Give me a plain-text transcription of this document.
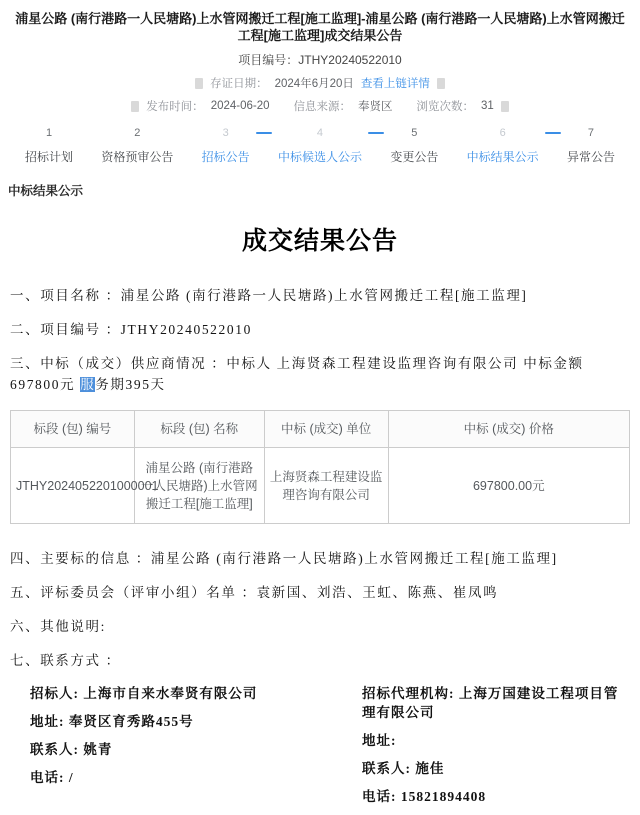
浦星公路 (南行港路一人民塘路)上水管网搬迁工程[施工监理]-浦星公路 (南行港路一人民塘路)上水管网搬迁工程[施工监理]成交结果公告
项目编号：JTHY20240522010
存证日期： 2024年6月20日 查看上链详情
发布时间： 2024-06-20 信息来源： 奉贤区 浏览次数： 31
1
招标计划
2
资格预审公告
3
招标公告
4
中标候选人公示
5
变更公告
6
中标结果公示
7
异常公告
中标结果公示
成交结果公告

一、项目名称 ：浦星公路 (南行港路一人民塘路)上水管网搬迁工程[施工监理]

二、项目编号 ：JTHY20240522010

三、中标（成交）供应商情况 ：中标人 上海贤森工程建设监理咨询有限公司 中标金额697800元 服务期395天

标段 (包) 编号	标段 (包) 名称	中标 (成交) 单位	中标 (成交) 价格
JTHY2024052201000001	浦星公路 (南行港路一人民塘路)上水管网搬迁工程[施工监理]	上海贤森工程建设监理咨询有限公司	697800.00元

四、主要标的信息 ：浦星公路 (南行港路一人民塘路)上水管网搬迁工程[施工监理]

五、评标委员会（评审小组）名单 ：袁新国、刘浩、王虹、陈燕、崔凤鸣

六、其他说明:

七、联系方式 ：

招标人: 上海市自来水奉贤有限公司
地址: 奉贤区育秀路455号
联系人: 姚青
电话: /
招标代理机构: 上海万国建设工程项目管理有限公司
地址:
联系人: 施佳
电话: 15821894408
